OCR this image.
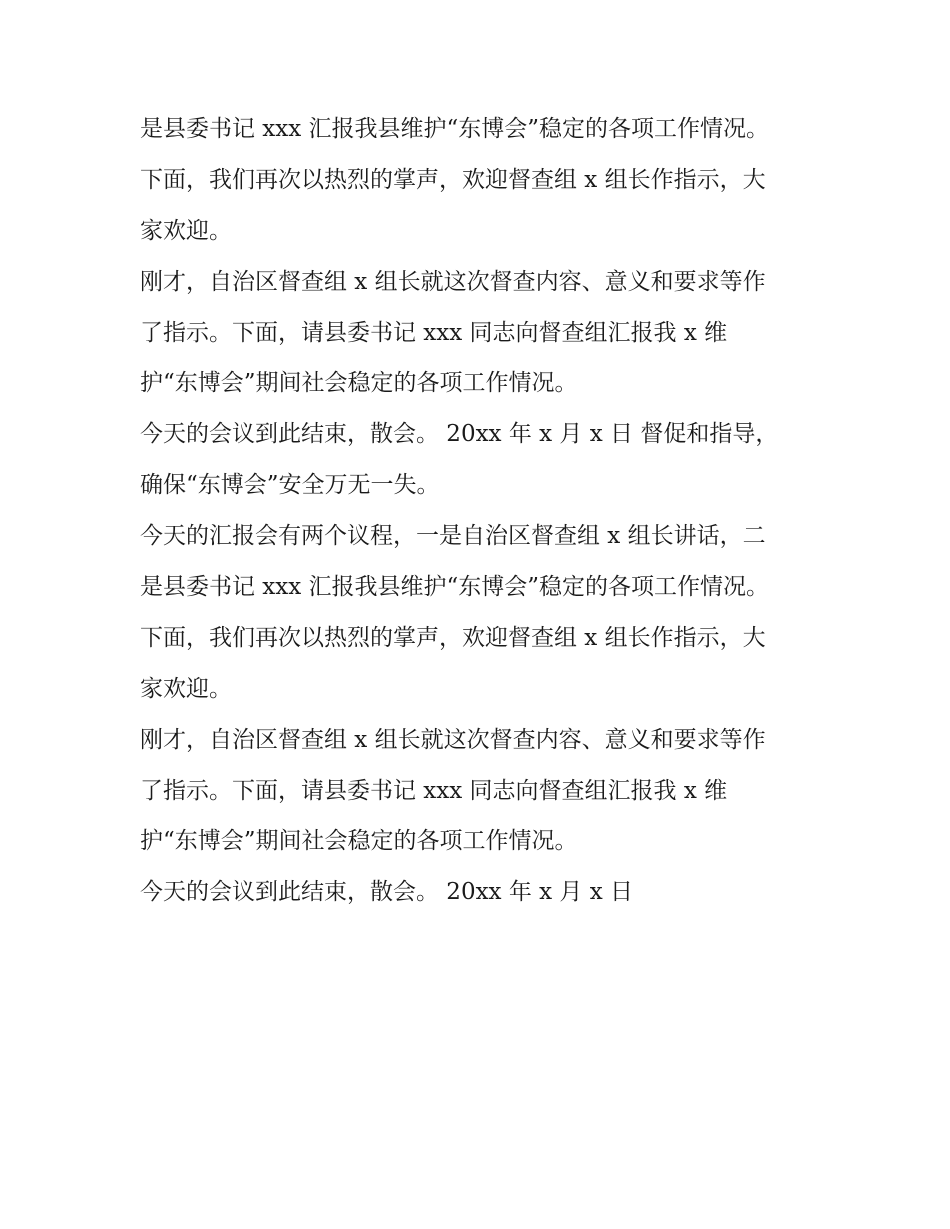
是县委书记 xxx 汇报我县维护“东博会”稳定的各项工作情况。
下面，我们再次以热烈的掌声，欢迎督查组 x 组长作指示，大
家欢迎。
刚才，自治区督查组 x 组长就这次督查内容、意义和要求等作
了指示。下面，请县委书记 xxx 同志向督查组汇报我 x 维
护“东博会”期间社会稳定的各项工作情况。
今天的会议到此结束，散会。 20xx 年 x 月 x 日 督促和指导，
确保“东博会”安全万无一失。
今天的汇报会有两个议程，一是自治区督查组 x 组长讲话，二
是县委书记 xxx 汇报我县维护“东博会”稳定的各项工作情况。
下面，我们再次以热烈的掌声，欢迎督查组 x 组长作指示，大
家欢迎。
刚才，自治区督查组 x 组长就这次督查内容、意义和要求等作
了指示。下面，请县委书记 xxx 同志向督查组汇报我 x 维
护“东博会”期间社会稳定的各项工作情况。
今天的会议到此结束，散会。 20xx 年 x 月 x 日
